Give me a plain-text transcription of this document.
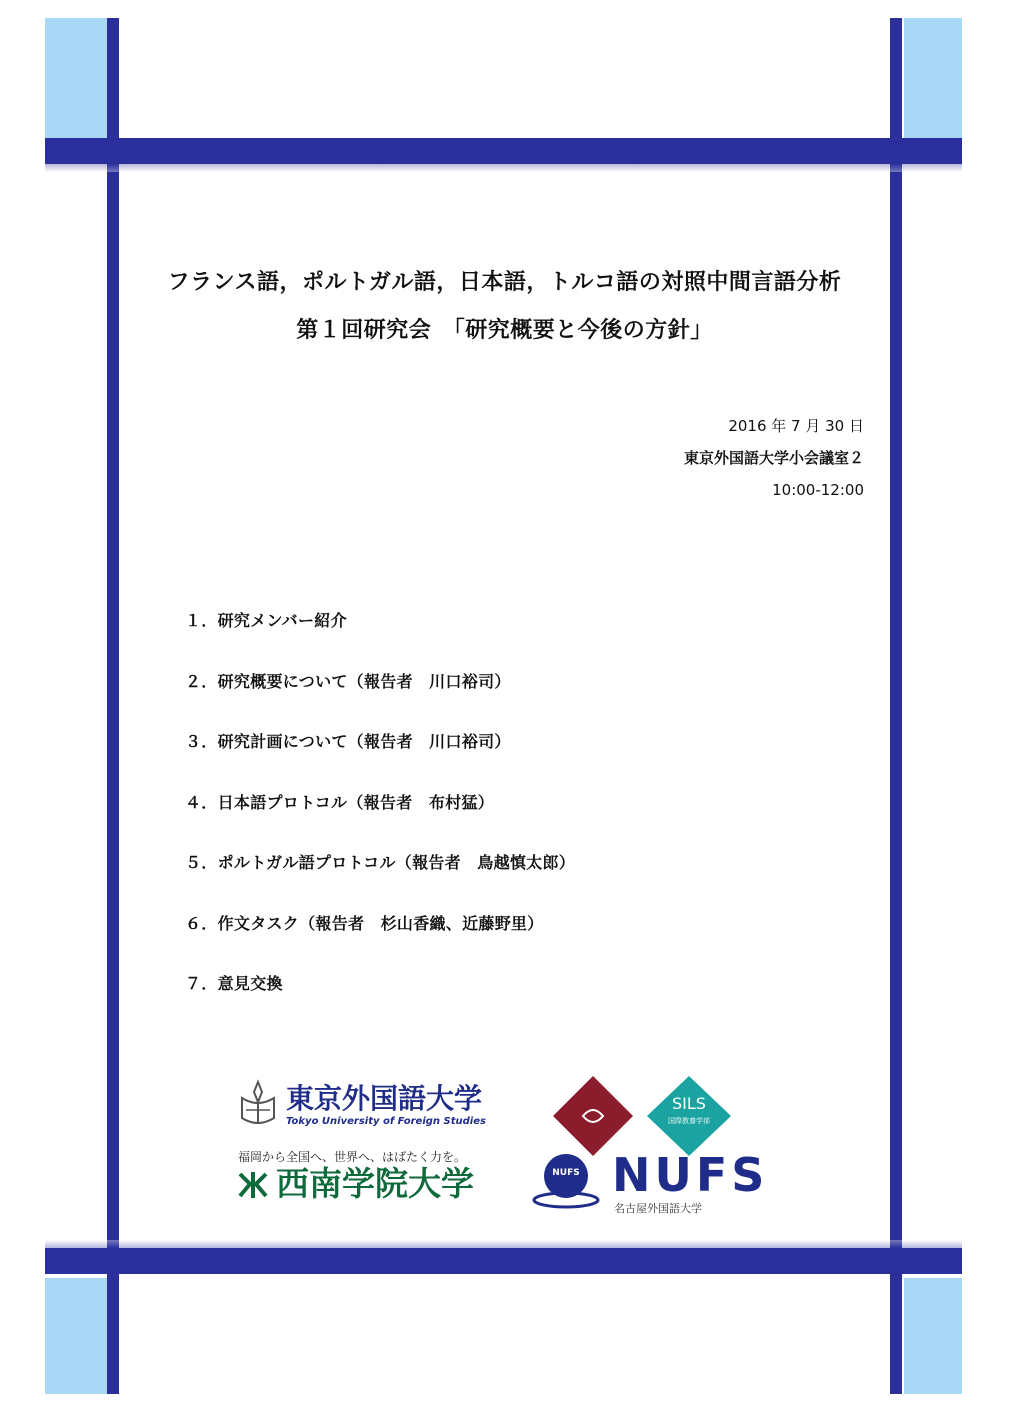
フランス語，ポルトガル語，日本語，トルコ語の対照中間言語分析
第１回研究会　「研究概要と今後の方針」
2016 年 7 月 30 日
東京外国語大学小会議室２
10:00-12:00
１．研究メンバー紹介
２．研究概要について（報告者　川口裕司）
３．研究計画について（報告者　川口裕司）
４．日本語プロトコル（報告者　布村猛）
５．ポルトガル語プロトコル（報告者　鳥越慎太郎）
６．作文タスク（報告者　杉山香織、近藤野里）
７．意見交換
東京外国語大学
Tokyo University of Foreign Studies
福岡から全国へ、世界へ、はばたく力を。
西南学院大学
SILS
国際教養学部
NUFS NUFS
名古屋外国語大学
